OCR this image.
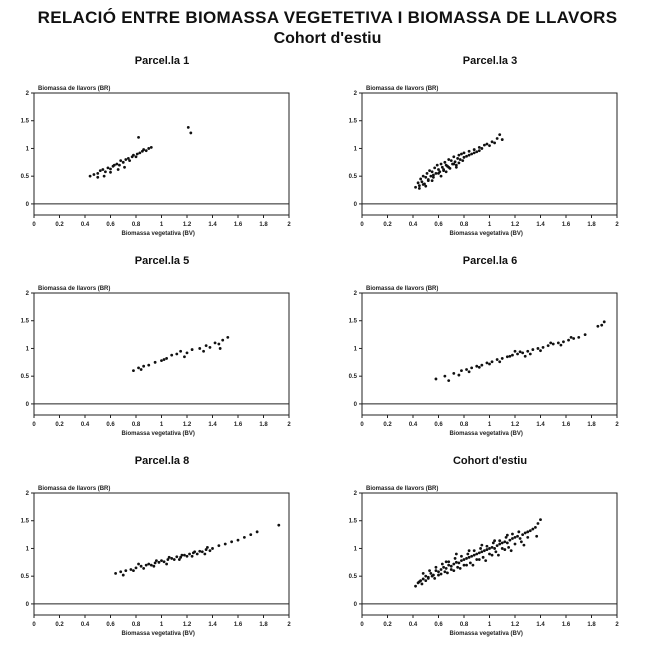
RELACIÓ ENTRE BIOMASSA VEGETETIVA I BIOMASSA DE LLAVORS
Cohort d'estiu
Parcel.la 1
Biomassa de llavors (BR)
Biomassa vegetativa (BV)
0	0.2	0.4	0.6	0.8	1	1.2	1.4	1.6	1.8	2
0
0.5
1
1.5
2
Parcel.la 3
Biomassa de llavors (BR)
Biomassa vegetativa (BV)
0	0.2	0.4	0.6	0.8	1	1.2	1.4	1.6	1.8	2
0
0.5
1
1.5
2
Parcel.la 5
Biomassa de llavors (BR)
Biomassa vegetativa (BV)
0	0.2	0.4	0.6	0.8	1	1.2	1.4	1.6	1.8	2
0
0.5
1
1.5
2
Parcel.la 6
Biomassa de llavors (BR)
Biomassa vegetativa (BV)
0	0.2	0.4	0.6	0.8	1	1.2	1.4	1.6	1.8	2
0
0.5
1
1.5
2
Parcel.la 8
Biomassa de llavors (BR)
Biomassa vegetativa (BV)
0	0.2	0.4	0.6	0.8	1	1.2	1.4	1.6	1.8	2
0
0.5
1
1.5
2
Cohort d'estiu
Biomassa de llavors (BR)
Biomassa vegetativa (BV)
0	0.2	0.4	0.6	0.8	1	1.2	1.4	1.6	1.8	2
0
0.5
1
1.5
2
